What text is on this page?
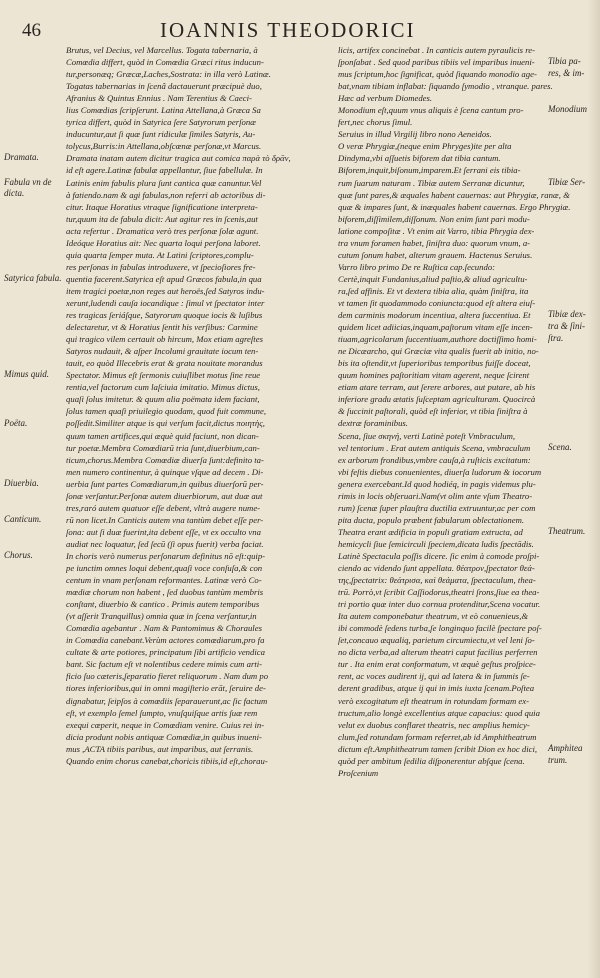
46	IOANNIS THEODORICI
Brutus, vel Decius, vel Marcellus. Togata tabernaria, à
Comœdia differt, quòd in Comœdia Græci ritus inducun-
tur,personæq; Græcæ,Laches,Sostrata: in illa verò Latinæ.
Togatas tabernarias in ſcenâ dactauerunt præcipuè duo,
Afranius & Quintus Ennius . Nam Terentius & Caeci-
lius Comœdias ſcripſerunt. Latina Attellana,à Græca Sa
tyrica differt, quòd in Satyrica ſere Satyrorum perſonæ
inducuntur,aut ſi quæ ſunt ridiculæ ſimiles Satyris, Au-
tolycus,Burris:in Attellana,obſcœnæ perſonæ,vt Marcus.
Dramata inatam autem dicitur tragica aut comica παρὰ τὸ δρᾶν,
id eſt agere.Latinæ fabulæ appellantur, ſiue fabellulæ. In
Latinis enim fabulis plura ſunt cantica quæ canuntur.Vel
à fatiendo.nam & agi fabulas,non referri ab actoribus di-
citur. Itaque Horatius vtraque ſignificatione interpreta-
tur,quum ita de fabula dicit: Aut agitur res in ſcenis,aut
acta refertur . Dramatica verò tres perſonæ ſolæ agunt.
Ideóque Horatius ait: Nec quarta loqui perſona laboret.
quia quarta ſemper muta. At Latini ſcriptores,complu-
res perſonas in fabulas introduxere, vt ſpecioſiores fre-
quentia facerent.Satyrica eſt apud Græcos fabula,in qua
item tragici poetæ,non reges aut heroës,ſed Satyros indu-
xerunt,ludendi cauſa iocandique : ſimul vt ſpectator inter
res tragicas ſeriáſque, Satyrorum quoque iocis & luſibus
delectaretur, vt & Horatius ſentit his verſibus: Carmine
qui tragico vilem certauit ob hircum, Mox etiam agreſtes
Satyros nudauit, & aſper Incolumi grauitate iocum ten-
tauit, eo quòd Illecebris erat & grata nouitate morandus
Spectator. Mimus eſt ſermonis cuiuſlibet motus ſine reue
rentia,vel factorum cum laſciuia imitatio. Mimus dictus,
quaſi ſolus imitetur. & quum alia poëmata idem faciant,
ſolus tamen quaſi priuilegio quodam, quod fuit commune,
poſſedit.Similiter atque is qui verſum facit,dictus ποιητὴς,
quum tamen artifices,qui æquè quid faciunt, non dican-
tur poetæ.Membra Comœdiarū tria ſunt,diuerbium,can-
ticum,chorus.Membra Comœdiæ diuerſa ſunt:definito ta-
men numero continentur, à quinque vſque ad decem . Di-
uerbia ſunt partes Comœdiarum,in quibus diuerſorū per-
ſonæ verſantur.Perſonæ autem diuerbiorum, aut duæ aut
tres,raró autem quatuor eſſe debent, vltrà augere nume-
rū non licet.In Canticis autem vna tantùm debet eſſe per-
ſona: aut ſi duæ fuerint,ita debent eſſe, vt ex occulto vna
audiat nec loquatur, ſed ſecū (ſi opus fuerit) verba faciat.
In choris verò numerus perſonarum definitus nō eſt:quip-
pe iunctim omnes loqui debent,quaſi voce conſuſa,& con
centum in vnam perſonam reformantes. Latinæ verò Co-
mœdiæ chorum non habent , ſed duobus tantùm membris
conſtant, diuerbio & cantico . Primis autem temporibus
(vt aſſerit Tranquillus) omnia quæ in ſcena verſantur,in
Comœdia agebantur . Nam & Pantomimus & Choraules
in Comœdia canebant.Verùm actores comœdiarum,pro fa
cultate & arte potiores, principatum ſibi artificio vendica
bant. Sic factum eſt vt nolentibus cedere mimis cum arti-
ficio ſuo cæteris,ſeparatio fieret reliquorum . Nam dum po
tiores inferioribus,qui in omni magiſterio erāt, ſeruire de-
dignabatur, ſeipſos à comœdiis ſeparauerunt,ac ſic factum
eſt, vt exemplo ſemel ſumpto, vnuſquiſque artis ſuæ rem
exequi cœperit, neque in Comœdiam venire. Cuius rei in-
dicia produnt nobis antiquæ Comœdiæ,in quibus inueni-
mus ,ACTA tibiis paribus, aut imparibus, aut ſerranis.
Quando enim chorus canebat,choricis tibiis,id eſt,chorau-
licis, artifex concinebat . In canticis autem pyraulicis re-
ſponſabat . Sed quod paribus tibiis vel imparibus inueni-
mus ſcriptum,hoc ſignificat, quòd ſiquando monodio age-
bat,vnam tibiam inflabat: ſiquando ſymodio , vtranque. pares.
Hæc ad verbum Diomedes.
Monodium eſt,quum vnus aliquis è ſcena cantum pro-
fert,nec chorus ſimul.
Seruius in illud Virgilij libro nono Aeneidos.
O veræ Phrygiæ,(neque enim Phryges)ite per alta
Dindyma,vbi aſſuetis biforem dat tibia cantum.
Biforem,inquit,biſonum,imparem.Et ſerrani eis tibia-
rum ſuarum naturam . Tibiæ autem Serranæ dicuntur,
quæ ſunt pares,& æquales habent cauernas: aut Phrygiæ, ranæ, &
quæ & impares ſunt, & inæquales habent cauernas. Ergo Phrygiæ.
biforem,diſſimilem,diſſonum. Non enim ſunt pari modu-
latione compoſitæ . Vt enim ait Varro, tibia Phrygia dex-
tra vnum foramen habet, ſiniſtra duo: quorum vnum, a-
cutum ſonum habet, alterum grauem. Hactenus Seruius.
Varro libro primo De re Ruſtica cap.ſecundo:
Certè,inquit Fundanius,aliud paſtio,& aliud agricultu-
ra,ſed affinis. Et vt dextera tibia alia, quàm ſiniſtra, ita
vt tamen ſit quodammodo coniuncta:quod eſt altera eiuſ-
dem carminis modorum incentiua, altera ſuccentiua. Et
quidem licet adiicias,inquam,paſtorum vitam eſſe incen-
tiuam,agricolarum ſuccentiuam,authore doctiſſimo homi-
ne Dicæarcho, qui Græciæ vita qualis fuerit ab initio, no-
bis ita oſtendit,vt ſuperioribus temporibus fuiſſe doceat,
quum homines paſtoritiam vitam agerent, neque ſcirent
etiam atare terram, aut ſerere arbores, aut putare, ab his
inferiore gradu ætatis ſuſceptam agriculturam. Quocircà
& ſuccinit paſtorali, quòd eſt inferior, vt tibia ſiniſtra à
dextræ foraminibus.
Scena, ſiue σκηνή, verti Latinè poteſt Vmbraculum,
vel tentorium . Erat autem antiquis Scena, vmbraculum
ex arborum frondibus,vmbre cauſa,à ruſticis excitatum:
vbi feſtis diebus conuenientes, diuerſa ludorum & iocorum
genera exercebant.Id quod hodiéq, in pagis videmus plu-
rimis in locis obſeruari.Nam(vt olim ante vſum Theatro-
rum) ſcenæ ſuper plauſtra ductilia extruuntur,ac per com
pita ducta, populo præbent fabularum oblectationem.
Theatra erant ædificia in populi gratiam extructa, ad
hemicycli ſiue ſemicirculi ſpeciem,dicata ludis ſpectādis.
Latinè Spectacula poſſis dicere. ſic enim à comode proſpi-
ciendo ac videndo ſunt appellata. θέατρον,ſpectator θεά-
της,ſpectatrix: θεάτρισα, καὶ θεάματα, ſpectaculum, thea-
trū. Porrò,vt ſcribit Caſſiodorus,theatri ſrons,ſiue ea thea-
tri portio quæ inter duo cornua protenditur,Scena vocatur.
Ita autem componebatur theatrum, vt eò conuenieus,&
ibi commodè ſedens turba,ſe longinquo facilè ſpectare poſ-
ſet,concauo æqualiq, parietum circumiectu,vt vel leni ſo-
no dicta verba,ad alterum theatri caput facilius perferren
tur . Ita enim erat conformatum, vt æquè geſtus proſpice-
rent, ac voces audirent ij, qui ad latera & in ſummis ſe-
derent gradibus, atque ij qui in imis iuxta ſcenam.Poſtea
verò excogitatum eſt theatrum in rotundam formam ex-
tructum,alio longè excellentius atque capacius: quod quia
velut ex duobus conflaret theatris, nec amplius hemicy-
clum,ſed rotundam formam referret,ab id Amphitheatrum
dictum eſt.Amphitheatrum tamen ſcribit Dion ex hoc dici,
quòd per ambitum ſedilia diſponerentur abſque ſcena.
Proſcenium
Dramata.
Fabula vn de dicta.
Satyrica fabula.
Mimus quid.
Poëta.
Diuerbia.
Canticum.
Chorus.
Tibia pa-
res, & im-
Monodium
Tibiæ Ser-
Tibiæ dex-
tra & ſini-
ſtra.
Scena.
Theatrum.
Amphitea
trum.
